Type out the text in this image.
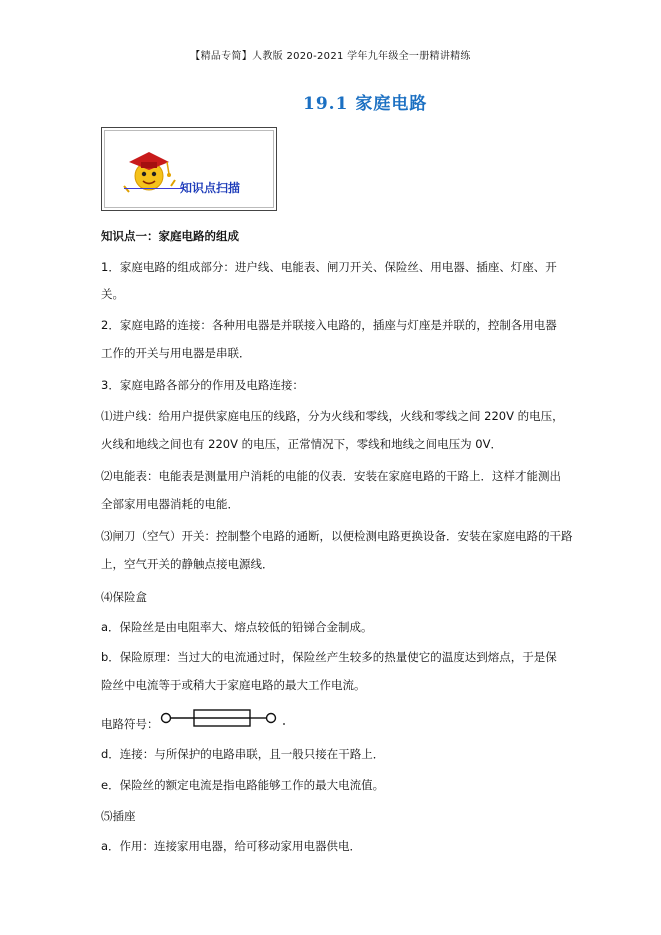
【精品专简】人教版 2020-2021 学年九年级全一册精讲精练
19.1 家庭电路
知识点扫描
知识点一：家庭电路的组成
1．家庭电路的组成部分：进户线、电能表、闸刀开关、保险丝、用电器、插座、灯座、开
关。
2．家庭电路的连接：各种用电器是并联接入电路的，插座与灯座是并联的，控制各用电器
工作的开关与用电器是串联．
3．家庭电路各部分的作用及电路连接：
⑴进户线：给用户提供家庭电压的线路，分为火线和零线，火线和零线之间 220V 的电压，
火线和地线之间也有 220V 的电压，正常情况下，零线和地线之间电压为 0V．
⑵电能表：电能表是测量用户消耗的电能的仪表．安装在家庭电路的干路上．这样才能测出
全部家用电器消耗的电能．
⑶闸刀（空气）开关：控制整个电路的通断，以便检测电路更换设备．安装在家庭电路的干路
上，空气开关的静触点接电源线．
⑷保险盒
a．保险丝是由电阻率大、熔点较低的铅锑合金制成。
b．保险原理：当过大的电流通过时，保险丝产生较多的热量使它的温度达到熔点，于是保
险丝中电流等于或稍大于家庭电路的最大工作电流。
电路符号：
d．连接：与所保护的电路串联，且一般只接在干路上．
e．保险丝的额定电流是指电路能够工作的最大电流值。
⑸插座
a．作用：连接家用电器，给可移动家用电器供电．
